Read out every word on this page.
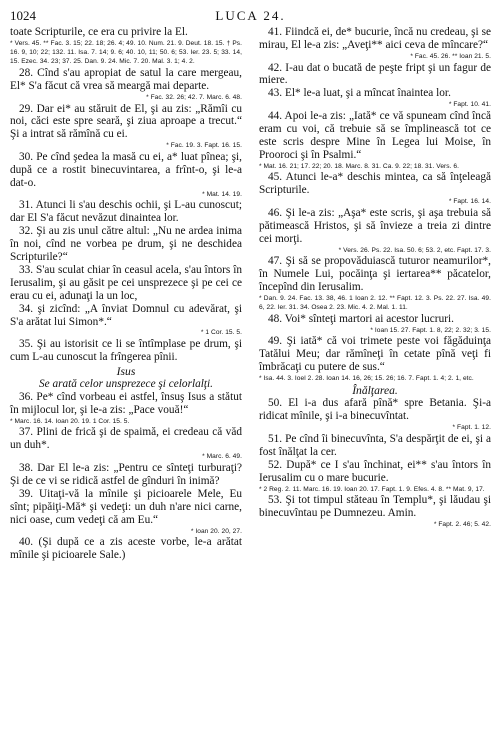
1024	LUCA 24.

toate Scripturile, ce era cu privire la El.

* Vers. 45. ** Fac. 3. 15; 22. 18; 26. 4; 49. 10. Num. 21. 9. Deut. 18. 15. † Ps. 16. 9, 10; 22; 132. 11. Isa. 7. 14; 9. 6; 40. 10, 11; 50. 6; 53. Ier. 23. 5; 33. 14, 15. Ezec. 34. 23; 37. 25. Dan. 9. 24. Mic. 7. 20. Mal. 3. 1; 4. 2.

28. Cînd s'au apropiat de satul la care mergeau, El* S'a făcut că vrea să meargă mai departe.

* Fac. 32. 26; 42. 7. Marc. 6. 48.

29. Dar ei* au stăruit de El, şi au zis: „Rămîi cu noi, căci este spre seară, şi ziua aproape a trecut.“ Şi a intrat să rămînă cu ei.

* Fac. 19. 3. Fapt. 16. 15.

30. Pe cînd şedea la masă cu ei, a* luat pînea; şi, după ce a rostit binecuvintarea, a frînt-o, şi le-a dat-o.

* Mat. 14. 19.

31. Atunci li s'au deschis ochii, şi L-au cunoscut; dar El S'a făcut nevăzut dinaintea lor.

32. Şi au zis unul către altul: „Nu ne ardea inima în noi, cînd ne vorbea pe drum, şi ne deschidea Scripturile?“

33. S'au sculat chiar în ceasul acela, s'au întors în Ierusalim, şi au găsit pe cei unsprezece şi pe cei ce erau cu ei, adunaţi la un loc,

34. şi zicînd: „A înviat Domnul cu adevărat, şi S'a arătat lui Simon*.“

* 1 Cor. 15. 5.

35. Şi au istorisit ce li se întîmplase pe drum, şi cum L-au cunoscut la frîngerea pînii.

Isus

Se arată celor unsprezece şi celorlalţi.

36. Pe* cînd vorbeau ei astfel, însuş Isus a stătut în mijlocul lor, şi le-a zis: „Pace vouă!“

* Marc. 16. 14. Ioan 20. 19. 1 Cor. 15. 5.

37. Plini de frică şi de spaimă, ei credeau că văd un duh*.

* Marc. 6. 49.

38. Dar El le-a zis: „Pentru ce sînteţi turburaţi? Şi de ce vi se ridică astfel de gînduri în inimă?

39. Uitaţi-vă la mînile şi picioarele Mele, Eu sînt; pipăiţi-Mă* şi vedeţi: un duh n'are nici carne, nici oase, cum vedeţi că am Eu.“

* Ioan 20. 20, 27.

40. (Şi după ce a zis aceste vorbe, le-a arătat mînile şi picioarele Sale.)

41. Fiindcă ei, de* bucurie, încă nu credeau, şi se mirau, El le-a zis: „Aveţi** aici ceva de mîncare?“

* Fac. 45. 26. ** Ioan 21. 5.

42. I-au dat o bucată de peşte fript şi un fagur de miere.

43. El* le-a luat, şi a mîncat înaintea lor.

* Fapt. 10. 41.

44. Apoi le-a zis: „Iată* ce vă spuneam cînd încă eram cu voi, că trebuie să se împlinească tot ce este scris despre Mine în Legea lui Moise, în Prooroci şi în Psalmi.“

* Mat. 16. 21; 17. 22; 20. 18. Marc. 8. 31. Ca. 9. 22; 18. 31. Vers. 6.

45. Atunci le-a* deschis mintea, ca să înţeleagă Scripturile.

* Fapt. 16. 14.

46. Şi le-a zis: „Aşa* este scris, şi aşa trebuia să pătimească Hristos, şi să învieze a treia zi dintre cei morţi.

* Vers. 26. Ps. 22. Isa. 50. 6; 53. 2, etc. Fapt. 17. 3.

47. Şi să se propovăduiască tuturor neamurilor*, în Numele Lui, pocăinţa şi iertarea** păcatelor, începînd din Ierusalim.

* Dan. 9. 24. Fac. 13. 38, 46. 1 Ioan 2. 12. ** Fapt. 12. 3. Ps. 22. 27. Isa. 49. 6, 22. Ier. 31. 34. Osea 2. 23. Mic. 4. 2. Mal. 1. 11.

48. Voi* sînteţi martori ai acestor lucruri.

* Ioan 15. 27. Fapt. 1. 8, 22; 2. 32; 3. 15.

49. Şi iată* că voi trimete peste voi făgăduinţa Tatălui Meu; dar rămîneţi în cetate pînă veţi fi îmbrăcaţi cu putere de sus.“

* Isa. 44. 3. Ioel 2. 28. Ioan 14. 16, 26; 15. 26; 16. 7. Fapt. 1. 4; 2. 1, etc.

Înălţarea.

50. El i-a dus afară pînă* spre Betania. Şi-a ridicat mînile, şi i-a binecuvîntat.

* Fapt. 1. 12.

51. Pe cînd îi binecuvînta, S'a despărţit de ei, şi a fost înălţat la cer.

52. După* ce I s'au închinat, ei** s'au întors în Ierusalim cu o mare bucurie.

* 2 Reg. 2. 11. Marc. 16. 19. Ioan 20. 17. Fapt. 1. 9. Efes. 4. 8. ** Mat. 9, 17.

53. Şi tot timpul stăteau în Templu*, şi lăudau şi binecuvîntau pe Dumnezeu. Amin.

* Fapt. 2. 46; 5. 42.
